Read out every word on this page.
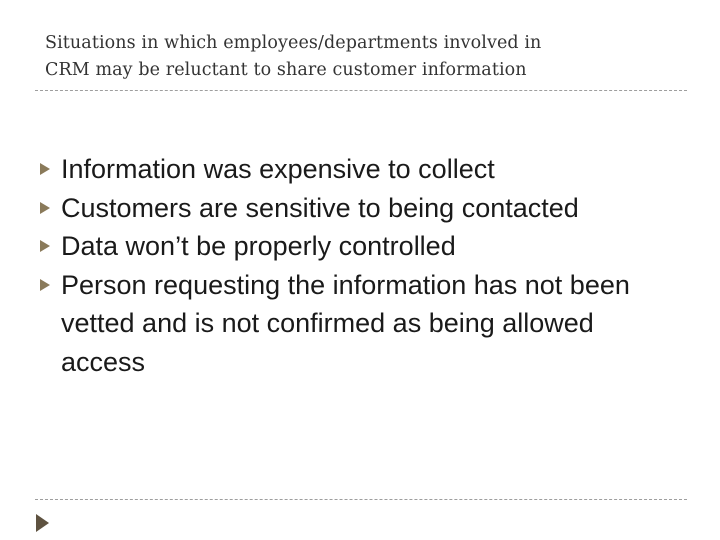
Situations in which employees/departments involved in
CRM may be reluctant to share customer information
Information was expensive to collect
Customers are sensitive to being contacted
Data won’t be properly controlled
Person requesting the information has not been vetted and is not confirmed as being allowed access
